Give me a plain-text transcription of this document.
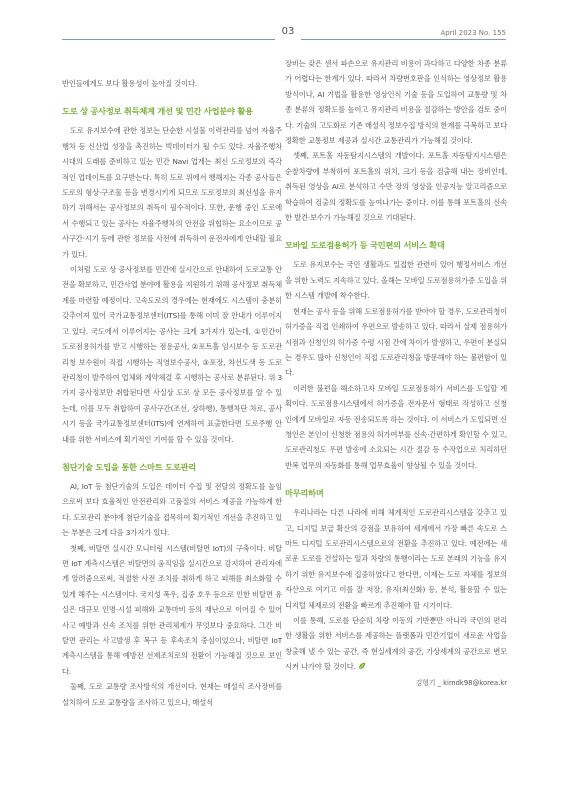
03	April 2023 No. 155
반인들에게도 보다 활용성이 높아질 것이다.
도로 상 공사정보 취득체계 개선 및 민간 사업분야 활용
도로 유지보수에 관한 정보는 단순한 시설물 이력관리를 넘어 자율주행차 등 신산업 성장을 촉진하는 빅데이터가 될 수도 있다. 자율주행차 시대의 도래를 준비하고 있는 민간 Navi 업계는 최신 도로정보의 즉각적인 업데이트를 요구받는다. 특히 도로 위에서 행해지는 각종 공사들은 도로의 형상·구조물 등을 변경시키게 되므로 도로정보의 최신성을 유지하기 위해서는 공사정보의 취득이 필수적이다. 또한, 운행 중인 도로에서 수행되고 있는 공사는 자율주행차의 안전을 위협하는 요소이므로 공사구간·시기 등에 관한 정보를 사전에 취득하여 운전자에게 안내할 필요가 있다.
이처럼 도로 상 공사정보를 민간에 실시간으로 안내하여 도로교통 안전을 확보하고, 민간사업 분야에 활용을 지원하기 위해 공사정보 취득체계를 마련할 예정이다. 고속도로의 경우에는 현재에도 시스템이 충분히 갖추어져 있어 국가교통정보센터(ITS)를 통해 이미 잘 안내가 이루어지고 있다. 국도에서 이루어지는 공사는 크게 3가지가 있는데, ①민간이 도로점용허가를 받고 시행하는 점용공사, ②포트홀 임시보수 등 도로관리청 보수원이 직접 시행하는 직영보수공사, ③포장, 차선도색 등 도로관리청이 발주하여 업체와 계약체결 후 시행하는 공사로 분류된다. 위 3가지 공사정보만 취합된다면 사실상 도로 상 모든 공사정보를 알 수 있는데, 이를 모두 취합하여 공사구간(조선, 상하행), 통행차단 차로, 공사시기 등을 국가교통정보센터(ITS)에 연계하여 표출한다면 도로주행 안내를 위한 서비스에 획기적인 기여를 할 수 있을 것이다.
첨단기술 도입을 통한 스마트 도로관리
AI, IoT 등 첨단기술의 도입은 데이터 수집 및 전달의 정확도를 높임으로써 보다 효율적인 안전관리와 고품질의 서비스 제공을 가능하게 한다. 도로관리 분야에 첨단기술을 접목하여 획기적인 개선을 추진하고 있는 부분은 크게 다음 3가지가 있다.
첫째, 비탈면 실시간 모니터링 시스템(비탈면 IoT)의 구축이다. 비탈면 IoT 계측시스템은 비탈면의 움직임을 실시간으로 감지하여 관리자에게 알려줌으로써, 적절한 사전 조치를 취하게 하고 피해를 최소화할 수 있게 해주는 시스템이다. 국지성 폭우, 집중 호우 등으로 인한 비탈면 유실은 대규모 인명·시설 피해와 교통마비 등의 재난으로 이어질 수 있어 사고 예방과 신속 조치를 위한 관리체계가 무엇보다 중요하다. 그간 비탈면 관리는 사고발생 후 복구 등 후속조치 중심이었으나, 비탈면 IoT 계측시스템을 통해 예방전 선제조치로의 전환이 가능해질 것으로 보인다.
둘째, 도로 교통량 조사방식의 개선이다. 현재는 매설식 조사장비를 설치하여 도로 교통량을 조사하고 있으나, 매설식
장비는 잦은 센서 파손으로 유지관리 비용이 과다하고 다양한 차종 분류가 어렵다는 한계가 있다. 따라서 차량번호판을 인식하는 영상정보 활용방식이나, AI 기법을 활용한 영상인식 기술 등을 도입하여 교통량 및 차종 분류의 정확도를 높이고 유지관리 비용을 절감하는 방안을 검토 중이다. 기술의 고도화로 기존 매설식 정보수집 방식의 한계를 극복하고 보다 정확한 교통정보 제공과 실시간 교통관리가 가능해질 것이다.
셋째, 포트홀 자동탐지시스템의 개발이다. 포트홀 자동탐지시스템은 순찰차량에 부착하여 포트홀의 위치, 크기 등을 검출해 내는 장비인데, 취득된 영상을 AI로 분석하고 수만 장의 영상을 인공지능 알고리즘으로 학습하여 검출의 정확도를 높여나가는 중이다. 이를 통해 포트홀의 신속한 발견·보수가 가능해질 것으로 기대된다.
모바일 도로점용허가 등 국민편의 서비스 확대
도로 유지보수는 국민 생활과도 밀접한 관련이 있어 행정서비스 개선을 위한 노력도 지속하고 있다. 올해는 모바일 도로점용허가증 도입을 위한 시스템 개발에 착수한다.
현재는 공사 등을 위해 도로점용허가를 받아야 할 경우, 도로관리청이 허가증을 직접 인쇄하여 우편으로 발송하고 있다. 따라서 실제 점용허가 시점과 신청인의 허가증 수령 시점 간에 차이가 발생하고, 우편이 분실되는 경우도 많아 신청인이 직접 도로관리청을 방문해야 하는 불편함이 있다.
이러한 불편을 해소하고자 모바일 도로점용허가 서비스를 도입할 계획이다. 도로점용시스템에서 허가증을 전자문서 형태로 작성하고 신청인에게 모바일로 자동 전송되도록 하는 것이다. 이 서비스가 도입되면 신청인은 본인이 신청한 점용의 허가여부를 신속·간편하게 확인할 수 있고, 도로관리청도 우편 발송에 소요되는 시간 절감 등 수작업으로 처리하던 반복 업무의 자동화를 통해 업무효율이 향상될 수 있을 것이다.
마무리하며
우리나라는 다른 나라에 비해 체계적인 도로관리시스템을 갖추고 있고, 디지털 보급 확산의 강점을 보유하여 세계에서 가장 빠른 속도로 스마트 디지털 도로관리시스템으로의 전환을 추진하고 있다. 예전에는 새로운 도로를 건설하는 일과 차량의 통행이라는 도로 본래의 기능을 유지하기 위한 유지보수에 집중하였다고 한다면, 이제는 도로 자체를 정보의 자산으로 여기고 이를 잘 저장, 유지(최신화) 등, 분석, 활용할 수 있는 디지털 체제로의 전환을 빠르게 추진해야 할 시기이다.
이를 통해, 도로를 단순히 차량 이동의 기반뿐만 아니라 국민의 편리한 생활을 위한 서비스를 제공하는 플랫폼과 민간기업이 새로운 사업을 창출해 낼 수 있는 공간, 즉 현실세계의 공간, 가상세계의 공간으로 변모시켜 나가야 할 것이다.
김형기 _ kimdk98@korea.kr
